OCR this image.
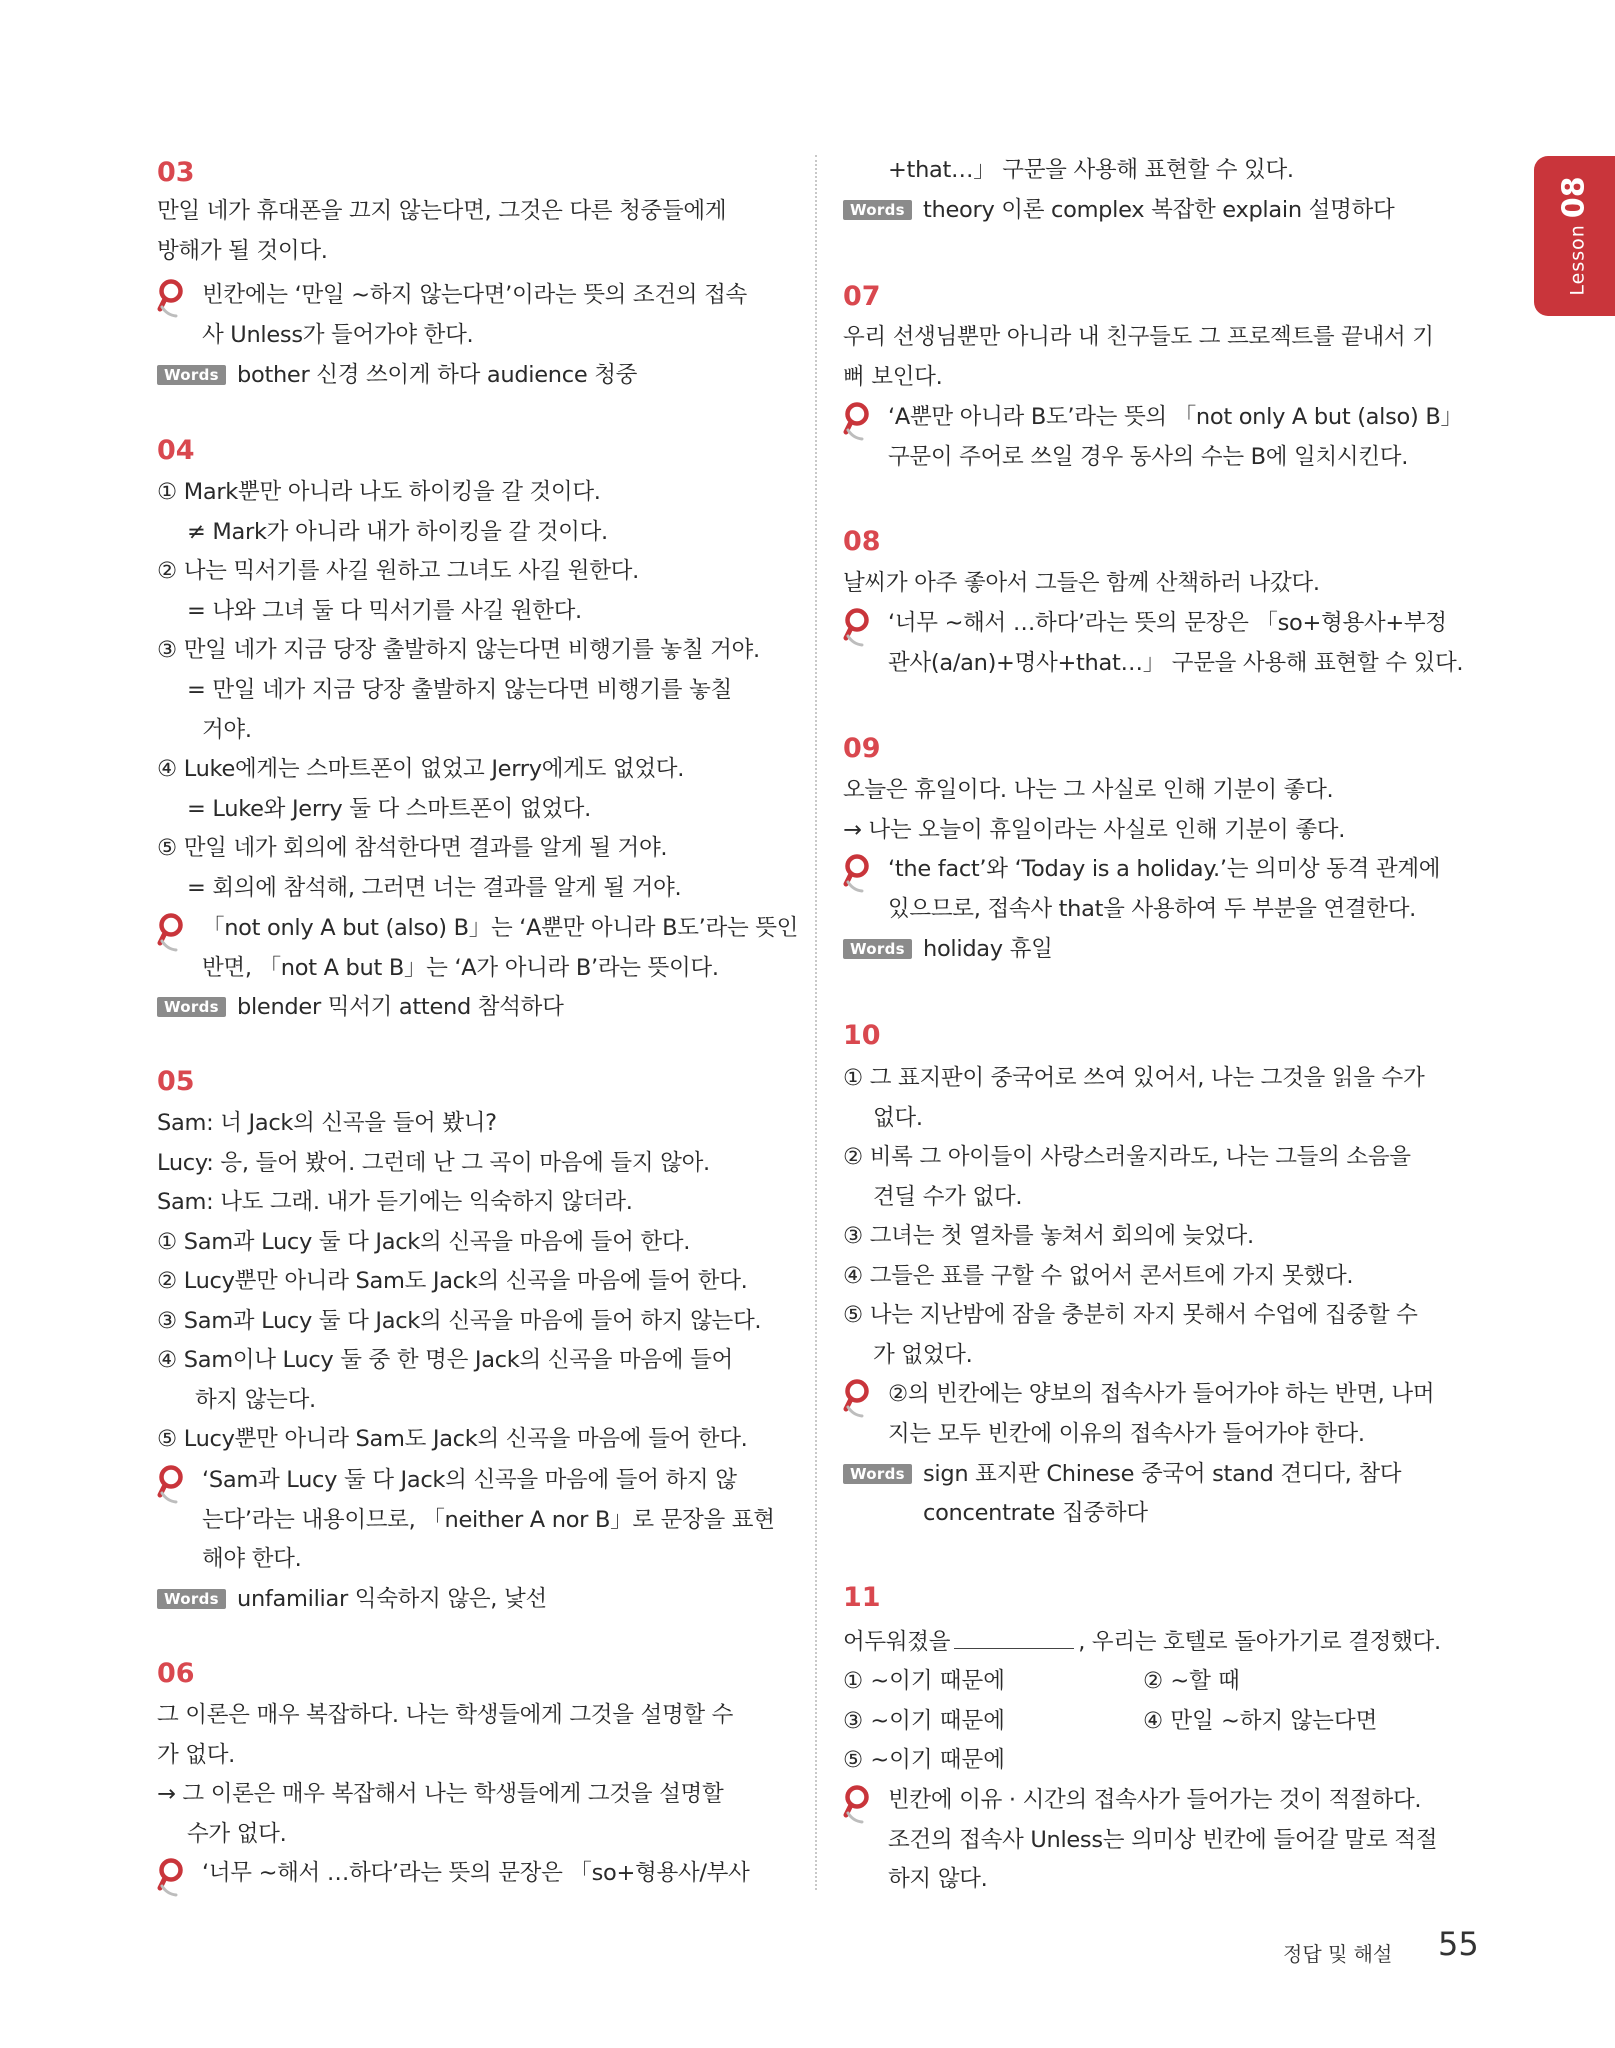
03
만일 네가 휴대폰을 끄지 않는다면, 그것은 다른 청중들에게
방해가 될 것이다.
빈칸에는 ‘만일 ~하지 않는다면’이라는 뜻의 조건의 접속
사 Unless가 들어가야 한다.
Words bother 신경 쓰이게 하다 audience 청중
04
① Mark뿐만 아니라 나도 하이킹을 갈 것이다.
≠ Mark가 아니라 내가 하이킹을 갈 것이다.
② 나는 믹서기를 사길 원하고 그녀도 사길 원한다.
= 나와 그녀 둘 다 믹서기를 사길 원한다.
③ 만일 네가 지금 당장 출발하지 않는다면 비행기를 놓칠 거야.
= 만일 네가 지금 당장 출발하지 않는다면 비행기를 놓칠
거야.
④ Luke에게는 스마트폰이 없었고 Jerry에게도 없었다.
= Luke와 Jerry 둘 다 스마트폰이 없었다.
⑤ 만일 네가 회의에 참석한다면 결과를 알게 될 거야.
= 회의에 참석해, 그러면 너는 결과를 알게 될 거야.
「not only A but (also) B」는 ‘A뿐만 아니라 B도’라는 뜻인
반면, 「not A but B」는 ‘A가 아니라 B’라는 뜻이다.
Words blender 믹서기 attend 참석하다
05
Sam: 너 Jack의 신곡을 들어 봤니?
Lucy: 응, 들어 봤어. 그런데 난 그 곡이 마음에 들지 않아.
Sam: 나도 그래. 내가 듣기에는 익숙하지 않더라.
① Sam과 Lucy 둘 다 Jack의 신곡을 마음에 들어 한다.
② Lucy뿐만 아니라 Sam도 Jack의 신곡을 마음에 들어 한다.
③ Sam과 Lucy 둘 다 Jack의 신곡을 마음에 들어 하지 않는다.
④ Sam이나 Lucy 둘 중 한 명은 Jack의 신곡을 마음에 들어
하지 않는다.
⑤ Lucy뿐만 아니라 Sam도 Jack의 신곡을 마음에 들어 한다.
‘Sam과 Lucy 둘 다 Jack의 신곡을 마음에 들어 하지 않
는다’라는 내용이므로, 「neither A nor B」로 문장을 표현
해야 한다.
Words unfamiliar 익숙하지 않은, 낯선
06
그 이론은 매우 복잡하다. 나는 학생들에게 그것을 설명할 수
가 없다.
→ 그 이론은 매우 복잡해서 나는 학생들에게 그것을 설명할
수가 없다.
‘너무 ~해서 …하다’라는 뜻의 문장은 「so+형용사/부사
+that…」 구문을 사용해 표현할 수 있다.
Words theory 이론 complex 복잡한 explain 설명하다
07
우리 선생님뿐만 아니라 내 친구들도 그 프로젝트를 끝내서 기
뻐 보인다.
‘A뿐만 아니라 B도’라는 뜻의 「not only A but (also) B」
구문이 주어로 쓰일 경우 동사의 수는 B에 일치시킨다.
08
날씨가 아주 좋아서 그들은 함께 산책하러 나갔다.
‘너무 ~해서 …하다’라는 뜻의 문장은 「so+형용사+부정
관사(a/an)+명사+that…」 구문을 사용해 표현할 수 있다.
09
오늘은 휴일이다. 나는 그 사실로 인해 기분이 좋다.
→ 나는 오늘이 휴일이라는 사실로 인해 기분이 좋다.
‘the fact’와 ‘Today is a holiday.’는 의미상 동격 관계에
있으므로, 접속사 that을 사용하여 두 부분을 연결한다.
Words holiday 휴일
10
① 그 표지판이 중국어로 쓰여 있어서, 나는 그것을 읽을 수가
없다.
② 비록 그 아이들이 사랑스러울지라도, 나는 그들의 소음을
견딜 수가 없다.
③ 그녀는 첫 열차를 놓쳐서 회의에 늦었다.
④ 그들은 표를 구할 수 없어서 콘서트에 가지 못했다.
⑤ 나는 지난밤에 잠을 충분히 자지 못해서 수업에 집중할 수
가 없었다.
②의 빈칸에는 양보의 접속사가 들어가야 하는 반면, 나머
지는 모두 빈칸에 이유의 접속사가 들어가야 한다.
Words sign 표지판 Chinese 중국어 stand 견디다, 참다
concentrate 집중하다
11
어두워졌을	, 우리는 호텔로 돌아가기로 결정했다.
① ~이기 때문에	② ~할 때
③ ~이기 때문에	④ 만일 ~하지 않는다면
⑤ ~이기 때문에
빈칸에 이유 · 시간의 접속사가 들어가는 것이 적절하다.
조건의 접속사 Unless는 의미상 빈칸에 들어갈 말로 적절
하지 않다.
Lesson08
정답 및 해설 55
